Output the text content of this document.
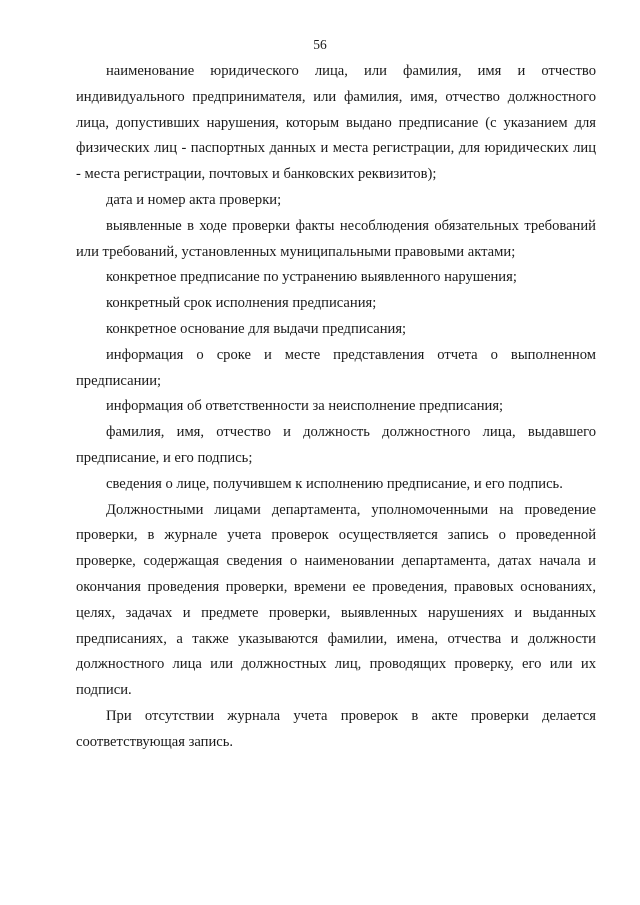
56

наименование юридического лица, или фамилия, имя и отчество индивидуального предпринимателя, или фамилия, имя, отчество должностного лица, допустивших нарушения, которым выдано предписание (с указанием для физических лиц - паспортных данных и места регистрации, для юридических лиц - места регистрации, почтовых и банковских реквизитов);

дата и номер акта проверки;

выявленные в ходе проверки факты несоблюдения обязательных требований или требований, установленных муниципальными правовыми актами;

конкретное предписание по устранению выявленного нарушения;

конкретный срок исполнения предписания;

конкретное основание для выдачи предписания;

информация о сроке и месте представления отчета о выполненном предписании;

информация об ответственности за неисполнение предписания;

фамилия, имя, отчество и должность должностного лица, выдавшего предписание, и его подпись;

сведения о лице, получившем к исполнению предписание, и его подпись.

Должностными лицами департамента, уполномоченными на проведение проверки, в журнале учета проверок осуществляется запись о проведенной проверке, содержащая сведения о наименовании департамента, датах начала и окончания проведения проверки, времени ее проведения, правовых основаниях, целях, задачах и предмете проверки, выявленных нарушениях и выданных предписаниях, а также указываются фамилии, имена, отчества и должности должностного лица или должностных лиц, проводящих проверку, его или их подписи.

При отсутствии журнала учета проверок в акте проверки делается соответствующая запись.
